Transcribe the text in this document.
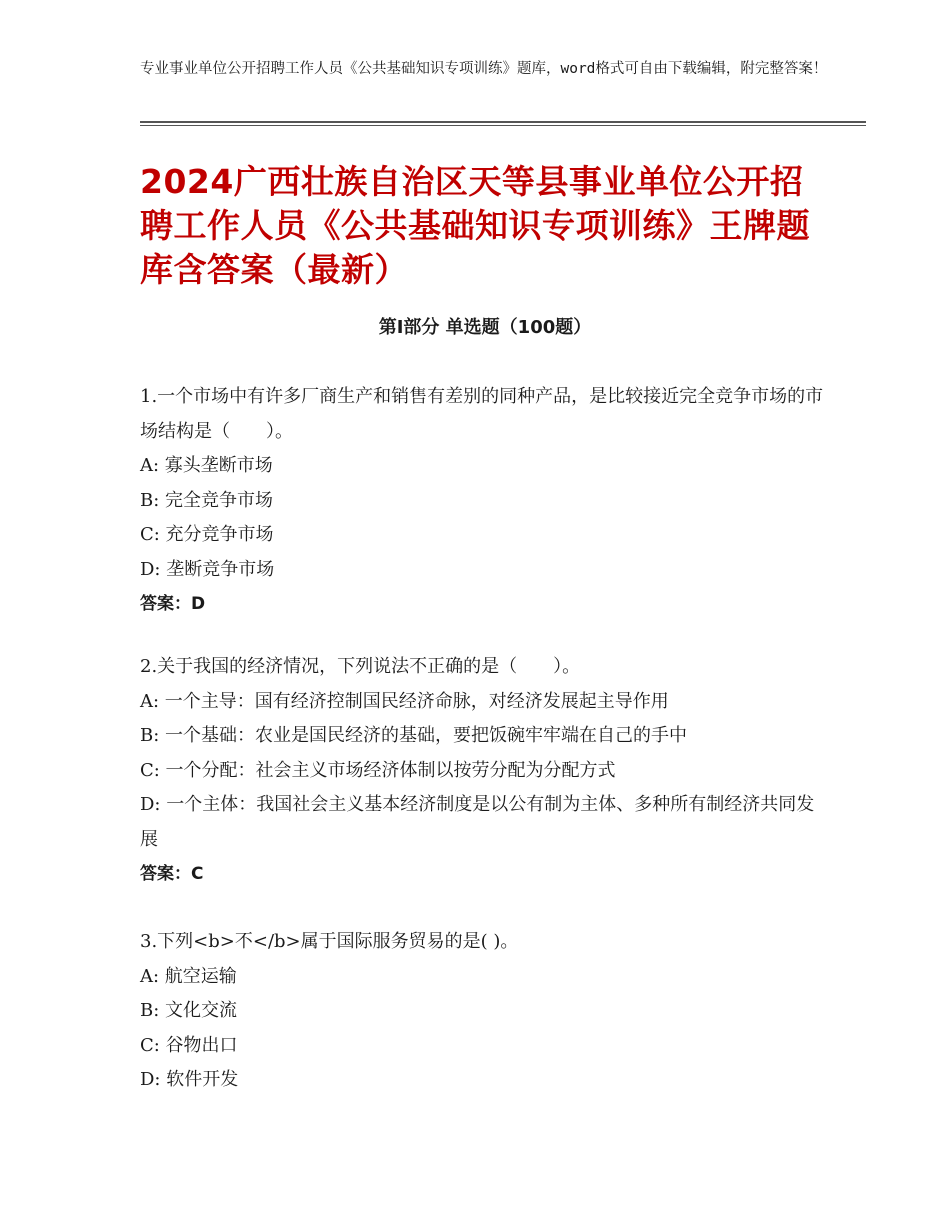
专业事业单位公开招聘工作人员《公共基础知识专项训练》题库，word格式可自由下载编辑，附完整答案！
2024广西壮族自治区天等县事业单位公开招聘工作人员《公共基础知识专项训练》王牌题库含答案（最新）
第Ⅰ部分 单选题（100题）
1.一个市场中有许多厂商生产和销售有差别的同种产品，是比较接近完全竞争市场的市场结构是（　　）。
A: 寡头垄断市场
B: 完全竞争市场
C: 充分竞争市场
D: 垄断竞争市场
答案：D
2.关于我国的经济情况，下列说法不正确的是（　　）。
A: 一个主导：国有经济控制国民经济命脉，对经济发展起主导作用
B: 一个基础：农业是国民经济的基础，要把饭碗牢牢端在自己的手中
C: 一个分配：社会主义市场经济体制以按劳分配为分配方式
D: 一个主体：我国社会主义基本经济制度是以公有制为主体、多种所有制经济共同发展
答案：C
3.下列<b>不</b>属于国际服务贸易的是( )。
A: 航空运输
B: 文化交流
C: 谷物出口
D: 软件开发
